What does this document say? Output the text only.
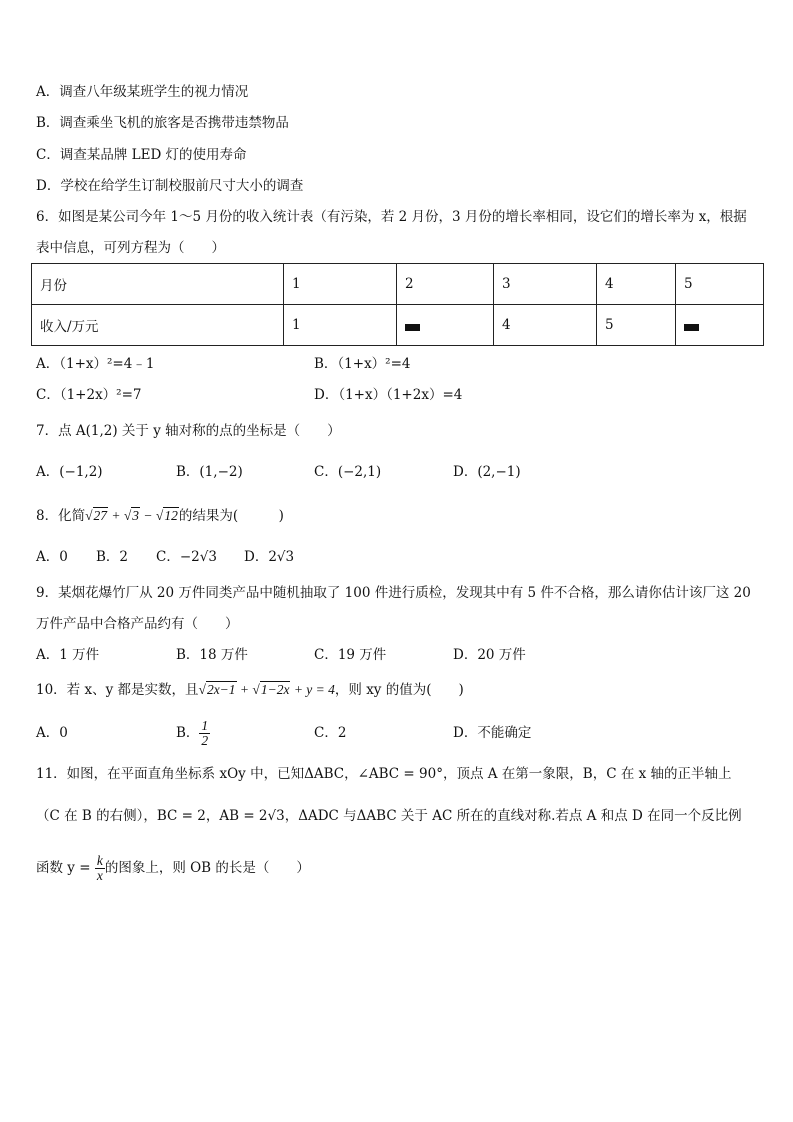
A．调查八年级某班学生的视力情况
B．调查乘坐飞机的旅客是否携带违禁物品
C．调查某品牌 LED 灯的使用寿命
D．学校在给学生订制校服前尺寸大小的调查
6．如图是某公司今年 1～5 月份的收入统计表（有污染，若 2 月份，3 月份的增长率相同，设它们的增长率为 x，根据
表中信息，可列方程为（　　）
月份	1	2	3	4	5
收入/万元	1		4	5	
A．（1+x）²=4﹣1	B．（1+x）²=4
C．（1+2x）²=7	D．（1+x）（1+2x）=4
7．点 A(1,2) 关于 y 轴对称的点的坐标是（　　）
A．(−1,2)	B．(1,−2)	C．(−2,1)	D．(2,−1)
8．化简√27 + √3 − √12的结果为(　　　)
A．0 B．2 C．−2√3 D．2√3
9．某烟花爆竹厂从 20 万件同类产品中随机抽取了 100 件进行质检，发现其中有 5 件不合格，那么请你估计该厂这 20
万件产品中合格产品约有（　　）
A．1 万件	B．18 万件	C．19 万件	D．20 万件
10．若 x、y 都是实数，且√2x−1 + √1−2x + y = 4，则 xy 的值为(　　)
A．0	B． $\frac{1}{2}$	C．2	D．不能确定
11．如图，在平面直角坐标系 xOy 中，已知ΔABC，∠ABC = 90°，顶点 A 在第一象限，B，C 在 x 轴的正半轴上
（C 在 B 的右侧），BC = 2，AB = 2√3，ΔADC 与ΔABC 关于 AC 所在的直线对称.若点 A 和点 D 在同一个反比例
函数 $y = \frac{k}{x}$ 的图象上，则 OB 的长是（　　）
